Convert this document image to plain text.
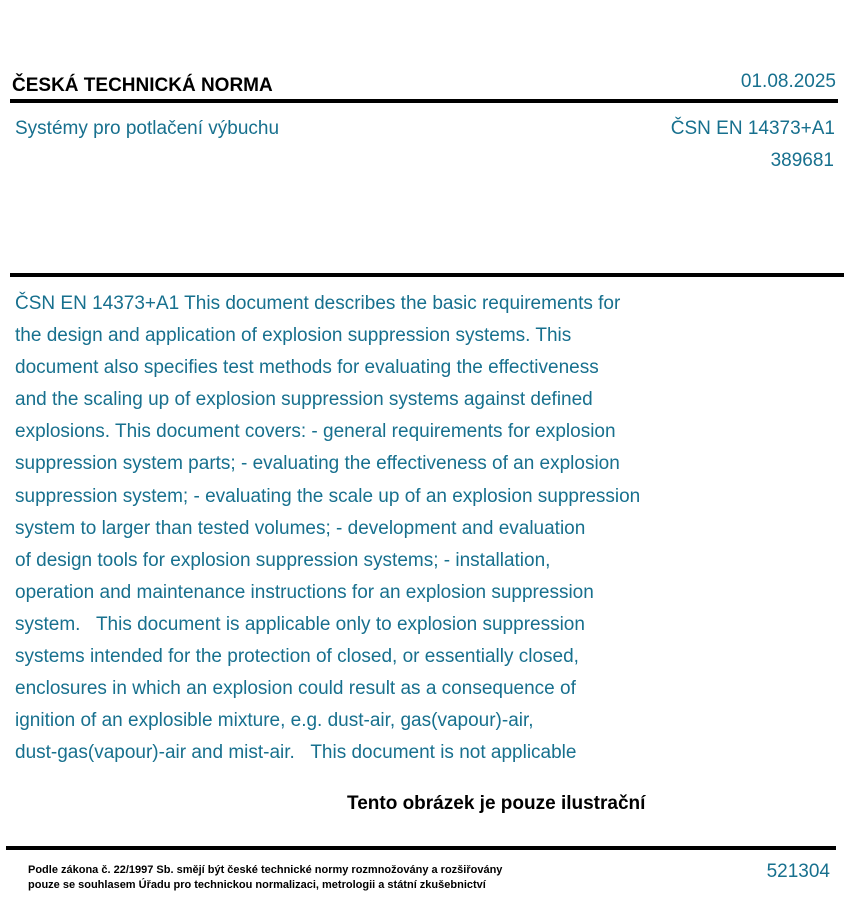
ČESKÁ TECHNICKÁ NORMA	01.08.2025
Systémy pro potlačení výbuchu	ČSN EN 14373+A1
389681
ČSN EN 14373+A1 This document describes the basic requirements for
the design and application of explosion suppression systems. This
document also specifies test methods for evaluating the effectiveness
and the scaling up of explosion suppression systems against defined
explosions. This document covers: - general requirements for explosion
suppression system parts; - evaluating the effectiveness of an explosion
suppression system; - evaluating the scale up of an explosion suppression
system to larger than tested volumes; - development and evaluation
of design tools for explosion suppression systems; - installation,
operation and maintenance instructions for an explosion suppression
system.   This document is applicable only to explosion suppression
systems intended for the protection of closed, or essentially closed,
enclosures in which an explosion could result as a consequence of
ignition of an explosible mixture, e.g. dust-air, gas(vapour)-air,
dust-gas(vapour)-air and mist-air.   This document is not applicable
Tento obrázek je pouze ilustrační
Podle zákona č. 22/1997 Sb. smějí být české technické normy rozmnožovány a rozšiřovány
pouze se souhlasem Úřadu pro technickou normalizaci, metrologii a státní zkušebnictví
521304
